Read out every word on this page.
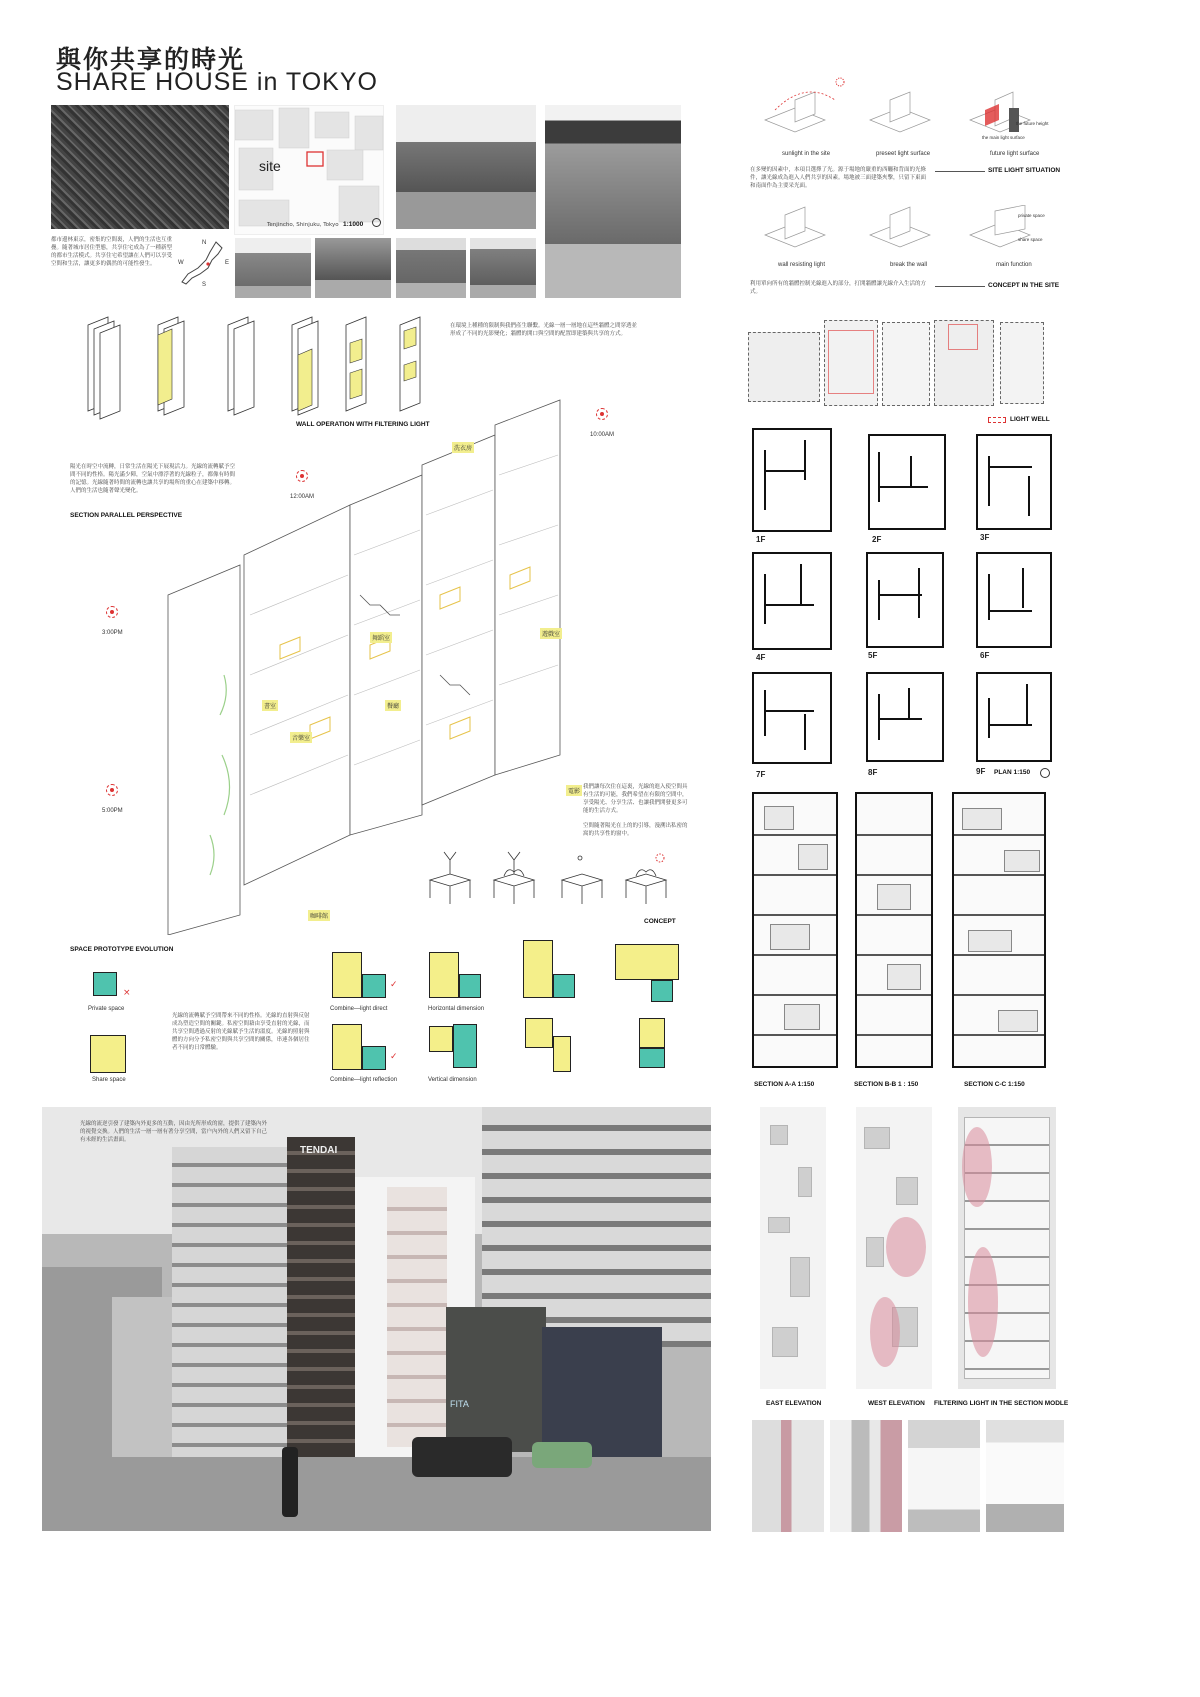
與你共享的時光
SHARE HOUSE in TOKYO
site
Tenjincho, Shinjuku, Tokyo 1:1000
都市邊林東京，密集的空間裏，人們的生活也互重疊。隨著城市居住型態，共享住宅成為了一種新型的都市生活模式。共享住宅希望讓在人們可以享受空間和生活，讓更多的偶然的可能性發生。
N
W	E
S
在環境上種種的限制與我們產生聯繫。光線一層一層地在這些牆體之間穿透並形成了不同的光影變化；牆體的開口與空間的配置即建築與共享的方式。
WALL OPERATION WITH FILTERING LIGHT
陽光在時空中流轉，日常生活在陽光下展現活力。光線的流轉賦予空間不同的性格。陽光滿少陣，空氣中漂浮著的光線粒子，都像有時間的記憶。光線隨著時間的流轉也讓共享的場所的重心在建築中移轉。人們的生活也隨著聲光變化。
SECTION PARALLEL PERSPECTIVE
10:00AM
12:00AM
3:00PM
5:00PM
洗衣房
舞蹈室
遊戲室
書室
音樂室
餐廳
電影
咖啡館
我們讓每次住在這裏，光線的進入使空間具有生活的可能，我們希望在有限的空間中，享受陽光、分享生活、也讓我們開發更多可能的生活方式。
空間隨著陽光在上的的引導，漫溯出私密的窩的共享性的窗中。
CONCEPT
SPACE PROTOTYPE EVOLUTION
×
Private space
Share space
✓
Combine—light direct
✓
Combine—light reflection
Horizontal dimension
Vertical dimension
光線的流轉賦予空間帶來不同的性格。光線的直射與反射成為塑造空間的關鍵。私密空間藉由享受直射的光線，而共享空間透過反射的光線賦予生活的溫度。光線的照射與體的方向分予私密空間與共享空間的關係，串連各個居住者不同的日常體驗。
TENDAI
FITA
光線的流逆引發了建築內外更多的互動，因由光所形成的窗，提供了建築內外的視覺交換。人們的生活一層一層有著分享空間，當户內外的人們又留下自己有未經的生活畫面。
the future height
the main light surface
sunlight in the site	preseet light surface	future light surface
在多變的因素中，本項目選擇了光。源于場地的嚴重的西曬和背面的光條件，讓光線成為進入人們共享的因素。場地被三面建築夾擊，只留下東面和南面作為主要采光面。
SITE LIGHT SITUATION
private space
share space
wall resisting light	break the wall	main function
利用單向所有的牆體控制光線進入的部分，打開牆體讓光線介入生活的方式。
CONCEPT IN THE SITE
LIGHT WELL
1F	2F	3F
4F	5F	6F
7F	8F	9F PLAN 1:150
SECTION A-A 1:150	SECTION B-B 1 : 150	SECTION C-C 1:150
EAST ELEVATION	WEST ELEVATION FILTERING LIGHT IN THE SECTION MODLE
